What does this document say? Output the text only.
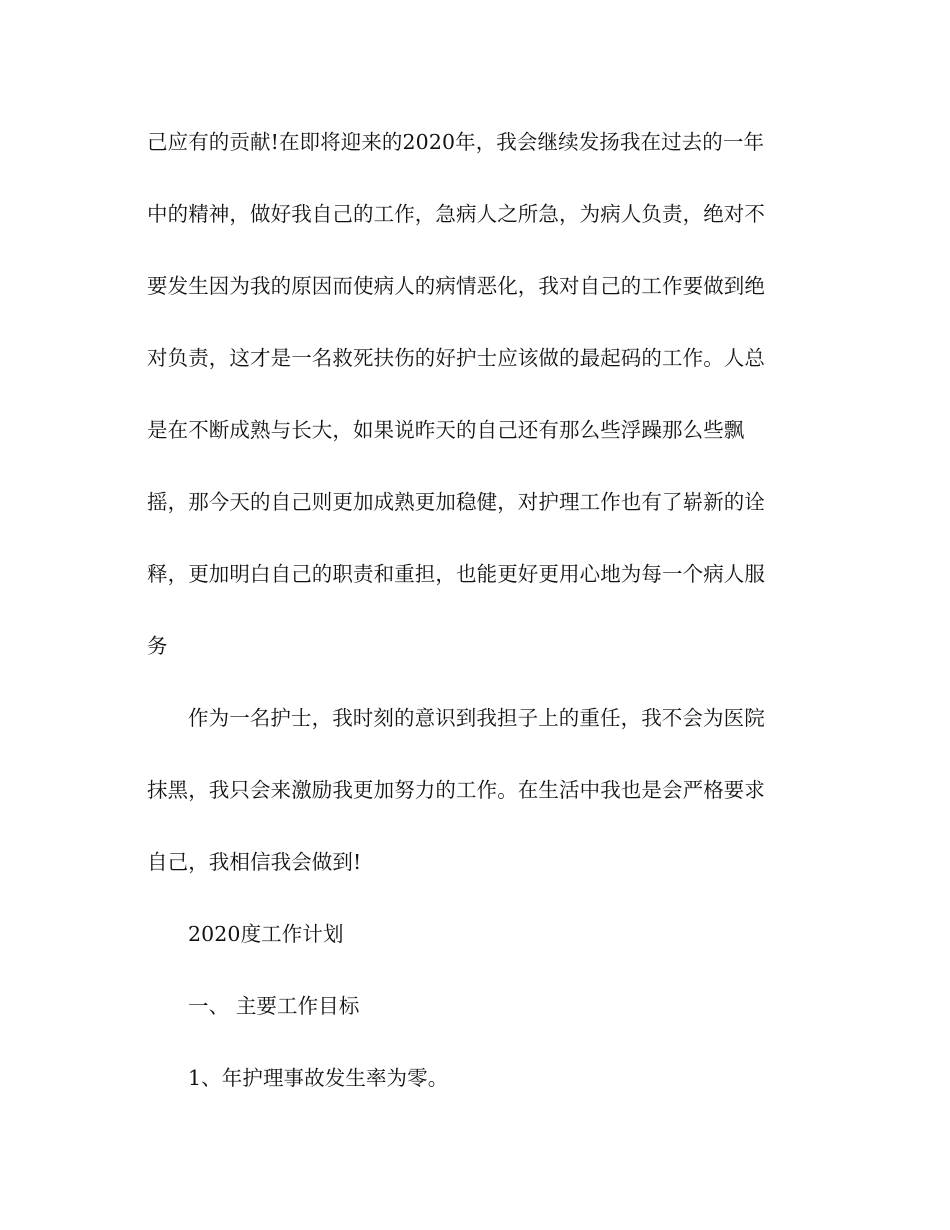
己应有的贡献!在即将迎来的2020年，我会继续发扬我在过去的一年
中的精神，做好我自己的工作，急病人之所急，为病人负责，绝对不
要发生因为我的原因而使病人的病情恶化，我对自己的工作要做到绝
对负责，这才是一名救死扶伤的好护士应该做的最起码的工作。人总
是在不断成熟与长大，如果说昨天的自己还有那么些浮躁那么些飘
摇，那今天的自己则更加成熟更加稳健，对护理工作也有了崭新的诠
释，更加明白自己的职责和重担，也能更好更用心地为每一个病人服
务
作为一名护士，我时刻的意识到我担子上的重任，我不会为医院
抹黑，我只会来激励我更加努力的工作。在生活中我也是会严格要求
自己，我相信我会做到!
2020度工作计划
一、 主要工作目标
1、年护理事故发生率为零。
